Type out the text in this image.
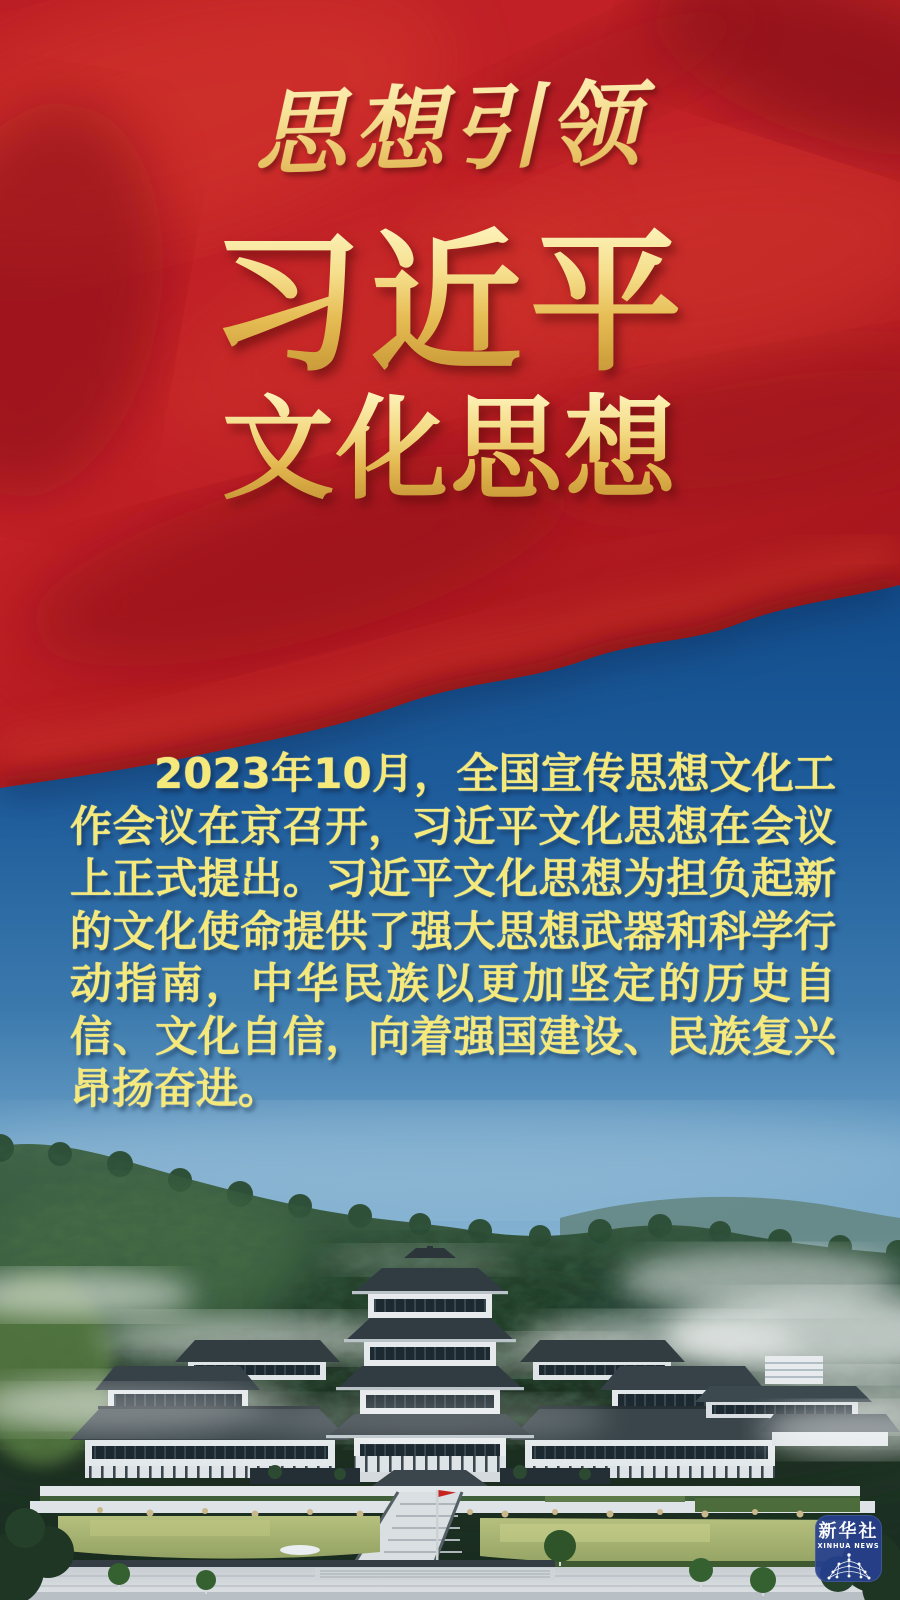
思想引领
习近平
文化思想
2023年10月，全国宣传思想文化工作会议在京召开，习近平文化思想在会议上正式提出。习近平文化思想为担负起新的文化使命提供了强大思想武器和科学行动指南，中华民族以更加坚定的历史自信、文化自信，向着强国建设、民族复兴昂扬奋进。
新华社
XINHUA NEWS
